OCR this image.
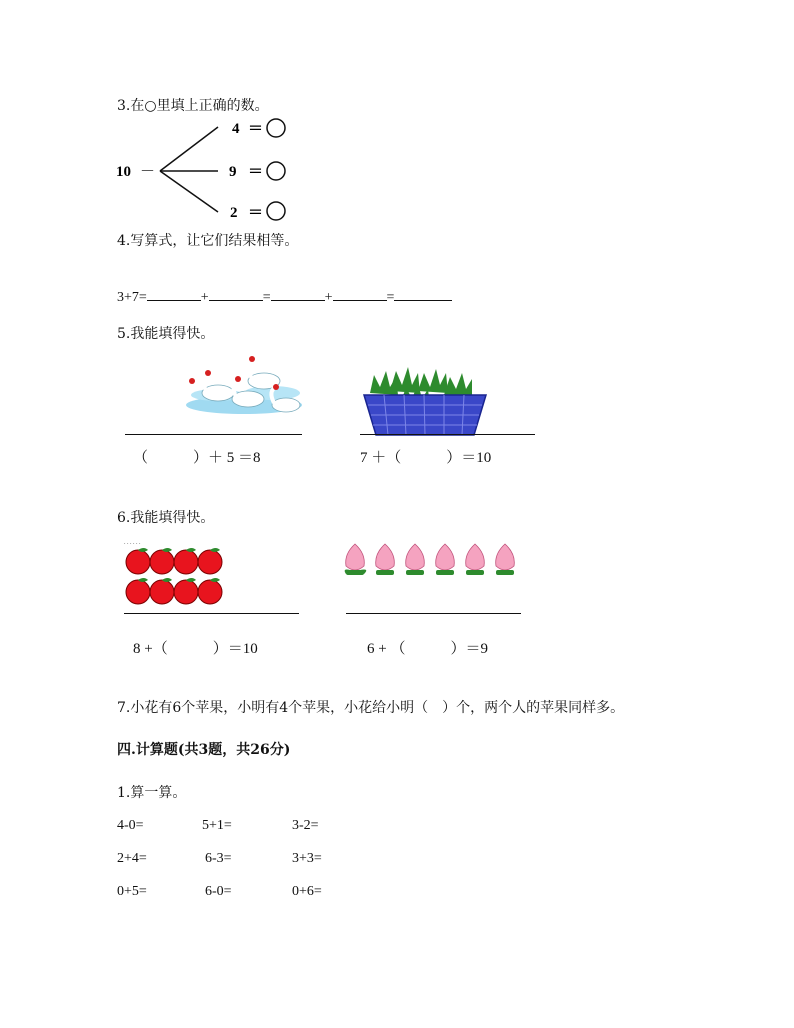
3.在○里填上正确的数。
10 －
4 ＝
9 ＝
2 ＝
4.写算式，让它们结果相等。
3+7=	+	=	+	=
5.我能填得快。
（　　　）＋ 5 ＝8	7 ＋（　　　）＝10
6.我能填得快。
. . . . . .
8 +（　　　）＝10	6 + （　　　）＝9
7.小花有6个苹果，小明有4个苹果，小花给小明（　）个，两个人的苹果同样多。
四.计算题(共3题，共26分)
1.算一算。
4-0=	5+1=	3-2=
2+4=	6-3=	3+3=
0+5=	6-0=	0+6=
